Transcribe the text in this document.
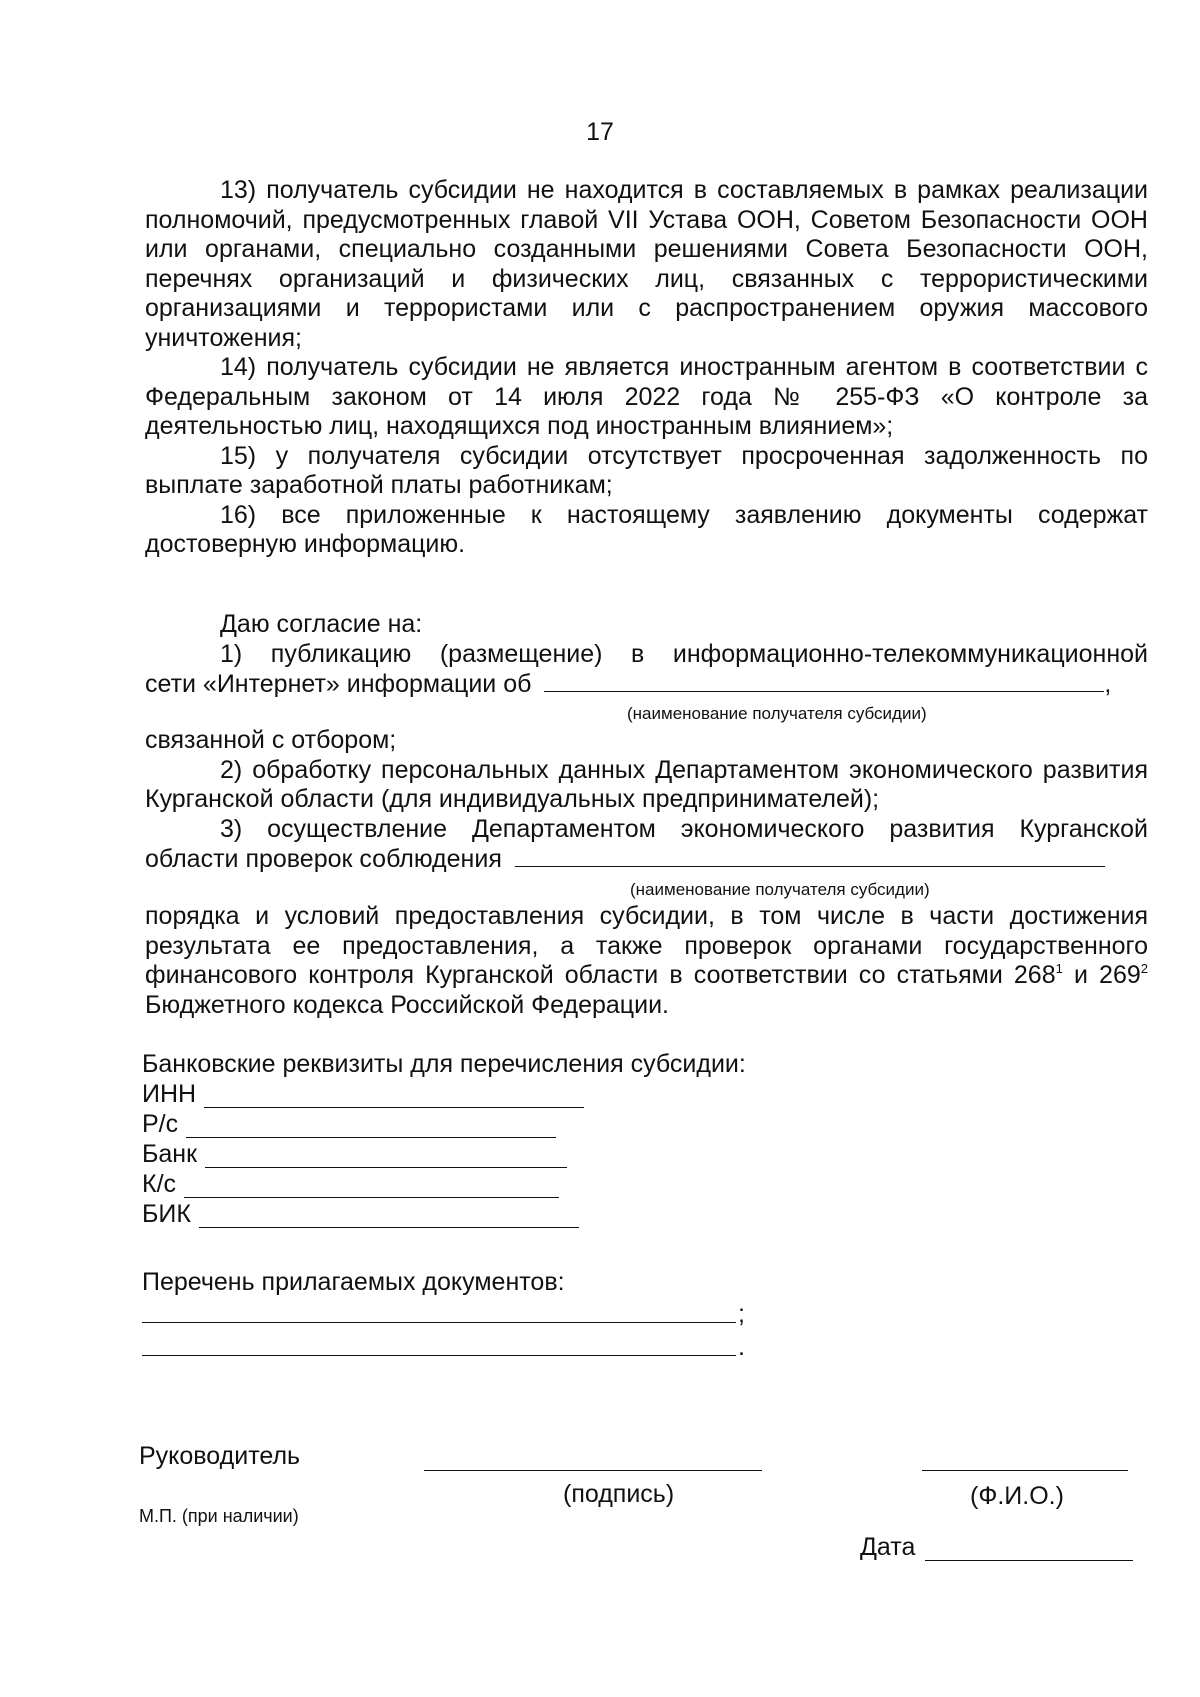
17

13) получатель субсидии не находится в составляемых в рамках реализации полномочий, предусмотренных главой VII Устава ООН, Советом Безопасности ООН или органами, специально созданными решениями Совета Безопасности ООН, перечнях организаций и физических лиц, связанных с террористическими организациями и террористами или с распространением оружия массового уничтожения;

14) получатель субсидии не является иностранным агентом в соответствии с Федеральным законом от 14 июля 2022 года № 255-ФЗ «О контроле за деятельностью лиц, находящихся под иностранным влиянием»;

15) у получателя субсидии отсутствует просроченная задолженность по выплате заработной платы работникам;

16) все приложенные к настоящему заявлению документы содержат достоверную информацию.

Даю согласие на:

1) публикацию (размещение) в информационно-телекоммуникационной

сети «Интернет» информации об	,

(наименование получателя субсидии)

связанной с отбором;

2) обработку персональных данных Департаментом экономического развития Курганской области (для индивидуальных предпринимателей);

3) осуществление Департаментом экономического развития Курганской

области проверок соблюдения

(наименование получателя субсидии)

порядка и условий предоставления субсидии, в том числе в части достижения результата ее предоставления, а также проверок органами государственного финансового контроля Курганской области в соответствии со статьями $268^1$ и $269^2$ Бюджетного кодекса Российской Федерации.

Банковские реквизиты для перечисления субсидии:
ИНН
Р/с
Банк
К/с
БИК
Перечень прилагаемых документов:
;
.
Руководитель
(подпись)	(Ф.И.О.)
М.П. (при наличии)
Дата
